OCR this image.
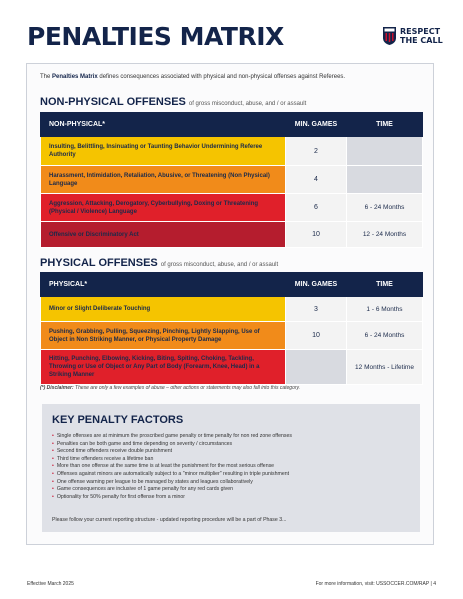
PENALTIES MATRIX	RESPECT
THE CALL
The Penalties Matrix defines consequences associated with physical and non-physical offenses against Referees.
NON-PHYSICAL OFFENSES of gross misconduct, abuse, and / or assault
NON-PHYSICAL*	MIN. GAMES	TIME
Insulting, Belittling, Insinuating or Taunting Behavior Undermining Referee Authority	2	
Harassment, Intimidation, Retaliation, Abusive, or Threatening (Non Physical) Language	4	
Aggression, Attacking, Derogatory, Cyberbullying, Doxing or Threatening (Physical / Violence) Language	6	6 - 24 Months
Offensive or Discriminatory Act	10	12 - 24 Months
PHYSICAL OFFENSES of gross misconduct, abuse, and / or assault
PHYSICAL*	MIN. GAMES	TIME
Minor or Slight Deliberate Touching	3	1 - 6 Months
Pushing, Grabbing, Pulling, Squeezing, Pinching, Lightly Slapping, Use of Object in Non Striking Manner, or Physical Property Damage	10	6 - 24 Months
Hitting, Punching, Elbowing, Kicking, Biting, Spiting, Choking, Tackling, Throwing or Use of Object or Any Part of Body (Forearm, Knee, Head) in a Striking Manner		12 Months - Lifetime
(*) Disclaimer: These are only a few examples of abuse – other actions or statements may also fall into this category.
KEY PENALTY FACTORS
• Single offenses are at minimum the proscribed game penalty or time penalty for non red zone offenses
• Penalties can be both game and time depending on severity / circumstances
• Second time offenders receive double punishment
• Third time offenders receive a lifetime ban
• More than one offense at the same time is at least the punishment for the most serious offense
• Offenses against minors are automatically subject to a "minor multiplier" resulting in triple punishment
• One offense warning per league to be managed by states and leagues collaboratively
• Game consequences are inclusive of 1 game penalty for any red cards given
• Optionality for 50% penalty for first offense from a minor
Please follow your current reporting structure - updated reporting procedure will be a part of Phase 3...
Effective March 2025	For more information, visit: USSOCCER.COM/RAP | 4
